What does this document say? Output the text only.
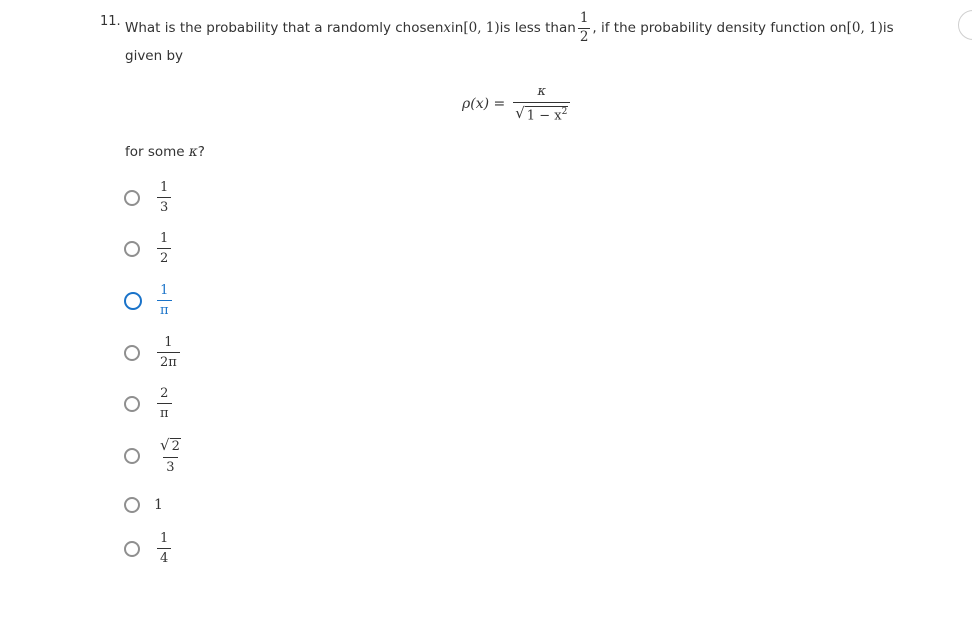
11. What is the probability that a randomly chosen x in [0, 1) is less than $\frac{1}{2}$ , if the probability density function on [0, 1) is
given by
$\rho(x) = \frac{\kappa}{√ 1 - x^2}$
for some κ?
$\frac{1}{3}$
$\frac{1}{2}$
$\frac{1}{\pi}$
$\frac{1}{2\pi}$
$\frac{2}{\pi}$
$\frac{√ 2}{3}$
1
$\frac{1}{4}$
